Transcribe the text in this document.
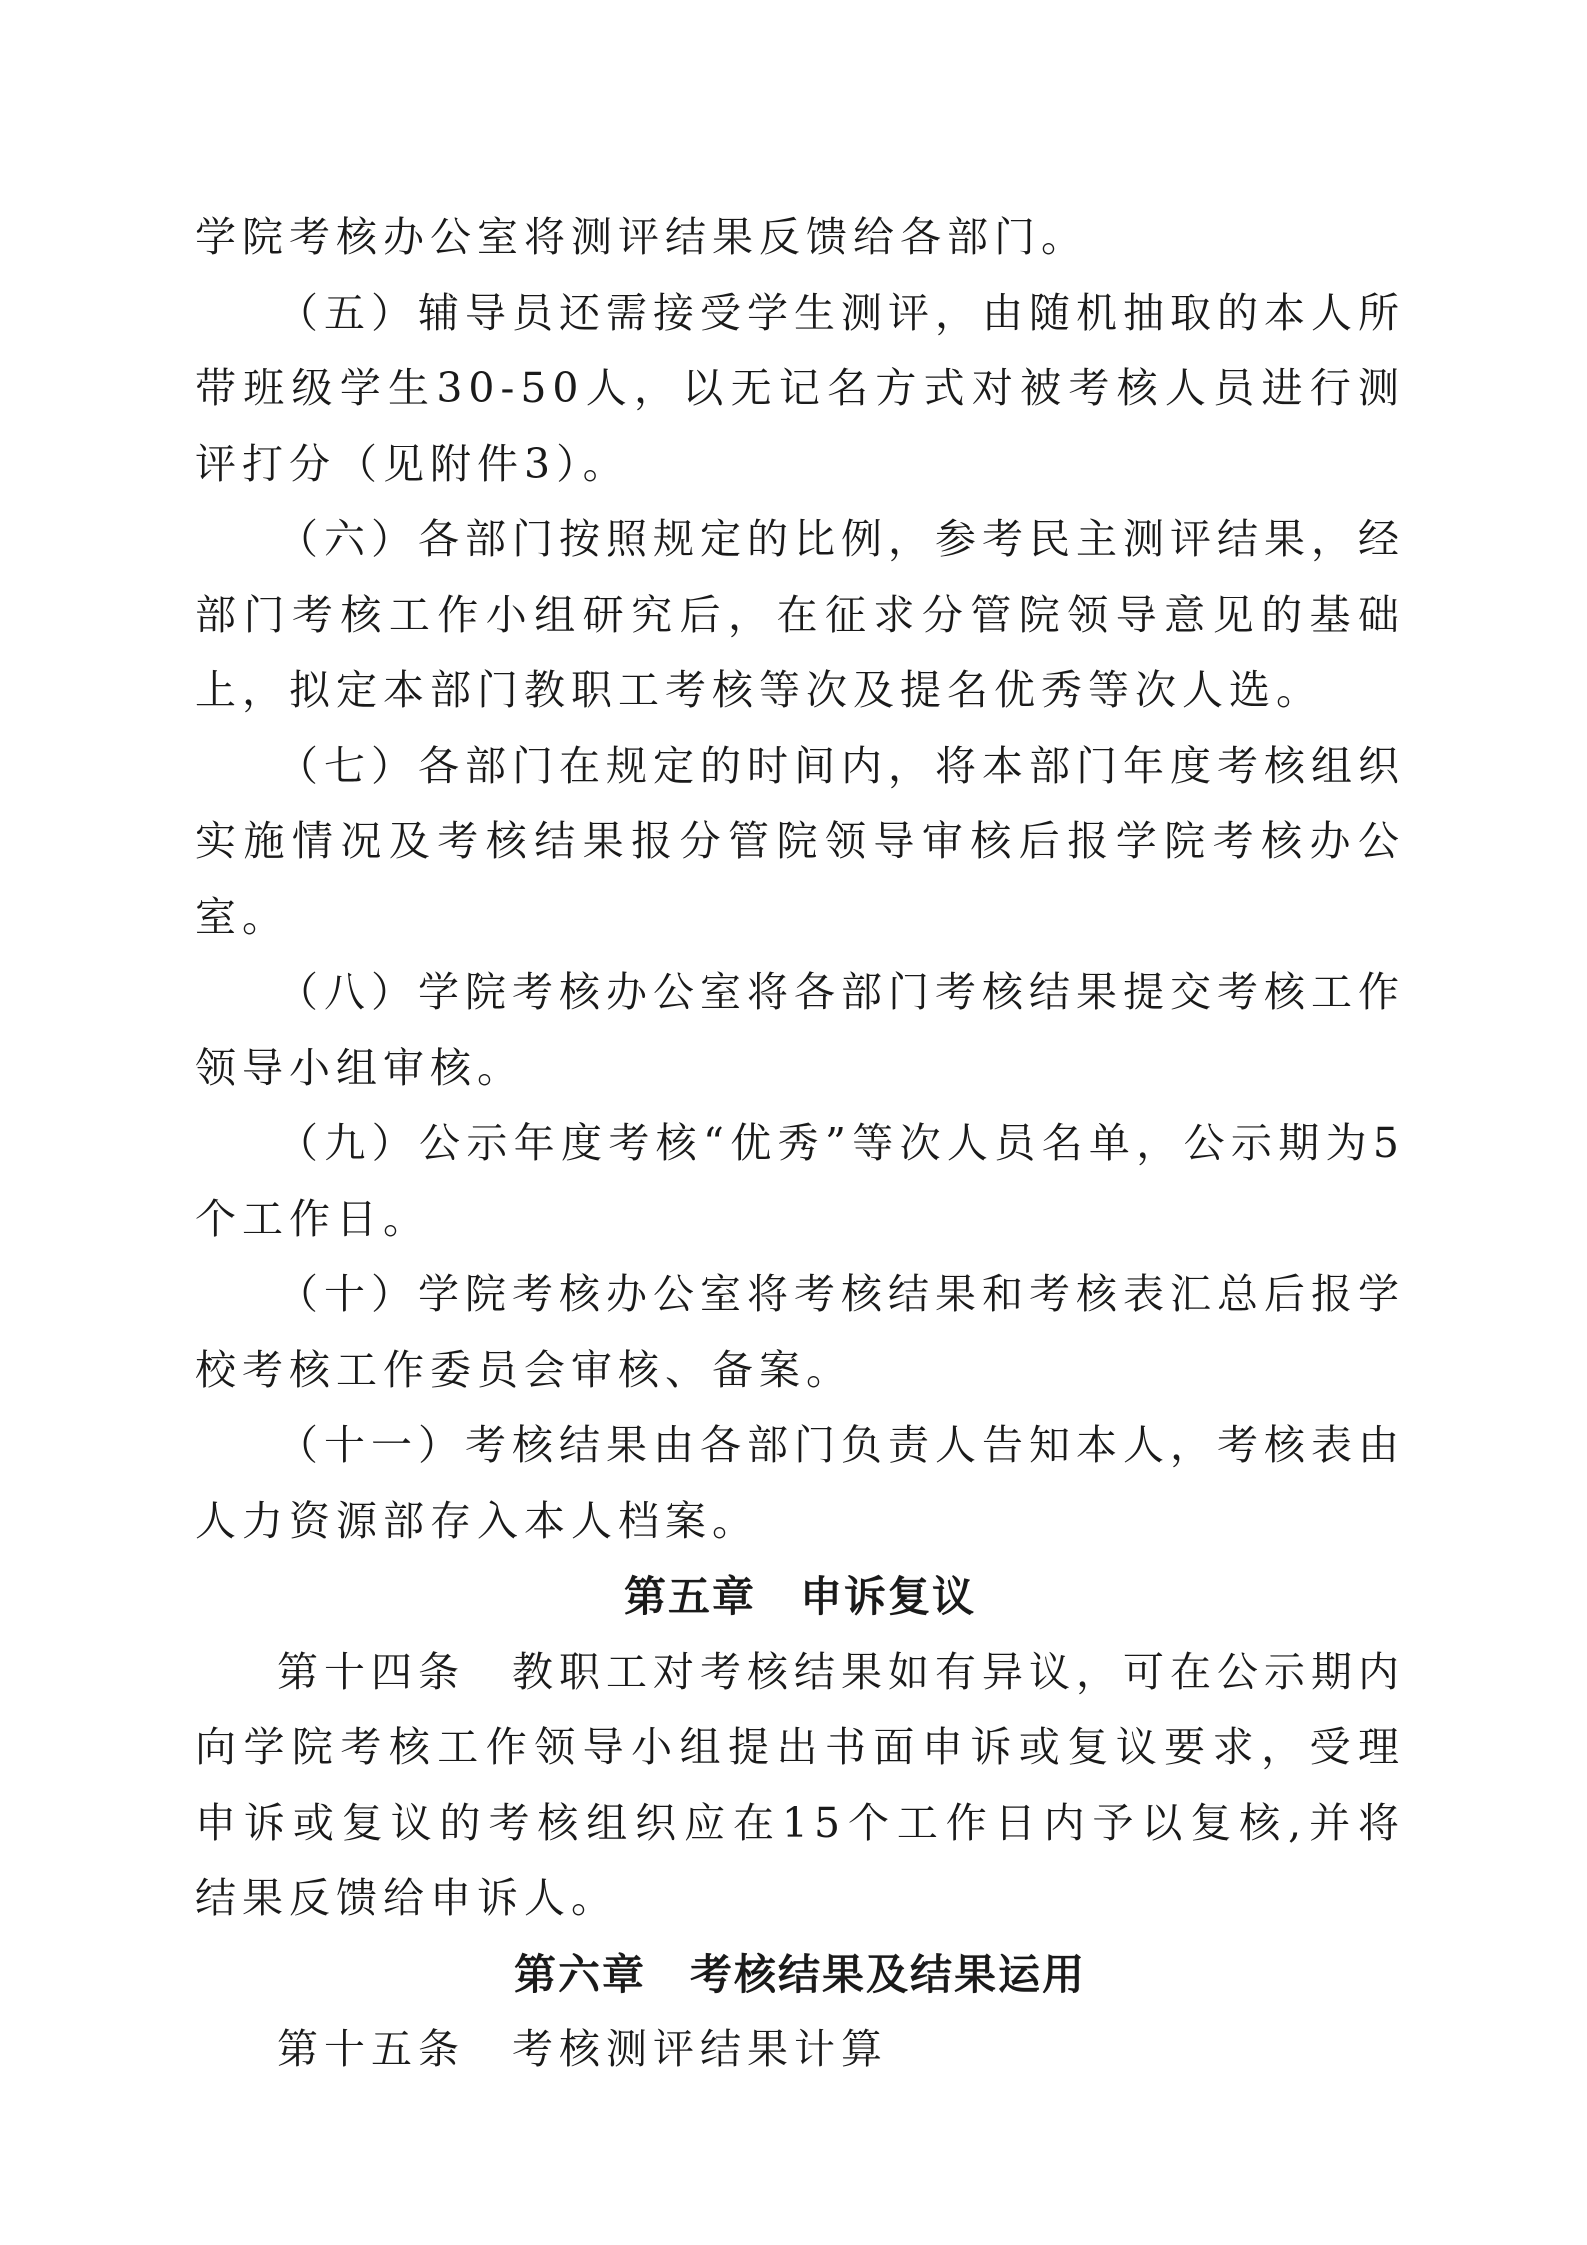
学院考核办公室将测评结果反馈给各部门。

（五）辅导员还需接受学生测评，由随机抽取的本人所带班级学生30-50人，以无记名方式对被考核人员进行测评打分（见附件3）。

（六）各部门按照规定的比例，参考民主测评结果，经部门考核工作小组研究后，在征求分管院领导意见的基础上，拟定本部门教职工考核等次及提名优秀等次人选。

（七）各部门在规定的时间内，将本部门年度考核组织实施情况及考核结果报分管院领导审核后报学院考核办公室。

（八）学院考核办公室将各部门考核结果提交考核工作领导小组审核。

（九）公示年度考核“优秀”等次人员名单，公示期为5个工作日。

（十）学院考核办公室将考核结果和考核表汇总后报学校考核工作委员会审核、备案。

（十一）考核结果由各部门负责人告知本人，考核表由人力资源部存入本人档案。

第五章　申诉复议

第十四条　教职工对考核结果如有异议，可在公示期内向学院考核工作领导小组提出书面申诉或复议要求，受理申诉或复议的考核组织应在15个工作日内予以复核,并将结果反馈给申诉人。

第六章　考核结果及结果运用

第十五条　考核测评结果计算
